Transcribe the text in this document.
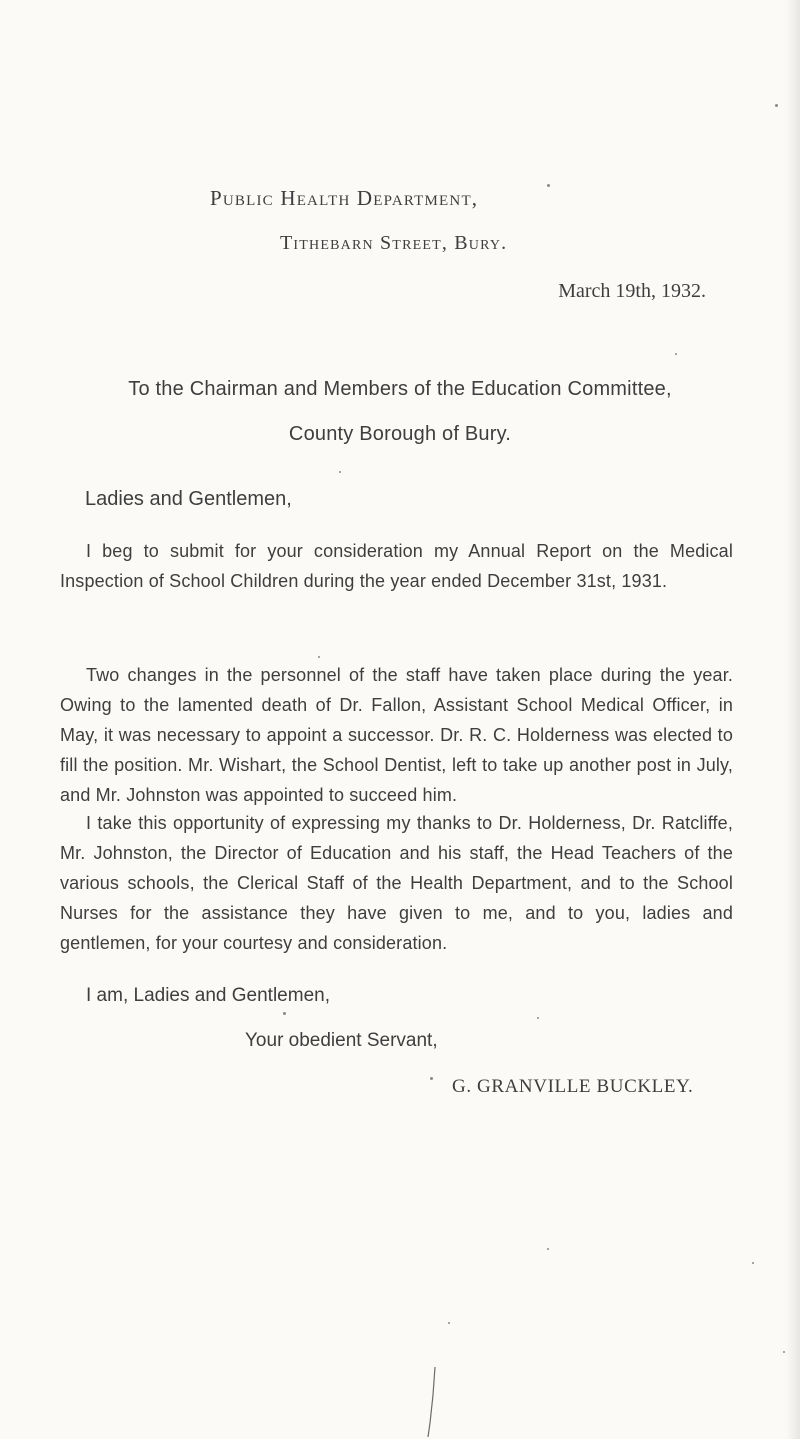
Public Health Department,
Tithebarn Street, Bury.
March 19th, 1932.
To the Chairman and Members of the Education Committee,
County Borough of Bury.
Ladies and Gentlemen,

I beg to submit for your consideration my Annual Report on the Medical Inspection of School Children during the year ended December 31st, 1931.

Two changes in the personnel of the staff have taken place during the year. Owing to the lamented death of Dr. Fallon, Assistant School Medical Officer, in May, it was necessary to appoint a successor. Dr. R. C. Holderness was elected to fill the position. Mr. Wishart, the School Dentist, left to take up another post in July, and Mr. Johnston was appointed to succeed him.

I take this opportunity of expressing my thanks to Dr. Holderness, Dr. Ratcliffe, Mr. Johnston, the Director of Education and his staff, the Head Teachers of the various schools, the Clerical Staff of the Health Department, and to the School Nurses for the assistance they have given to me, and to you, ladies and gentlemen, for your courtesy and consideration.

I am, Ladies and Gentlemen,
Your obedient Servant,
G. GRANVILLE BUCKLEY.
